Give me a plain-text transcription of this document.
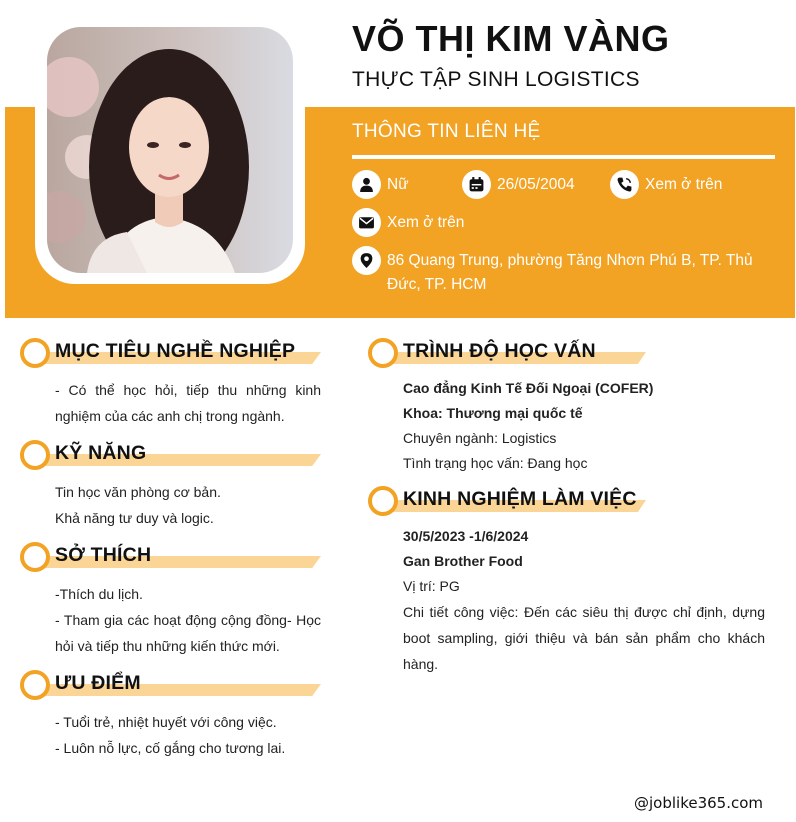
VÕ THỊ KIM VÀNG
THỰC TẬP SINH LOGISTICS
THÔNG TIN LIÊN HỆ
Nữ	26/05/2004	Xem ở trên
Xem ở trên
86 Quang Trung, phường Tăng Nhơn Phú B, TP. Thủ Đức, TP. HCM
MỤC TIÊU NGHỀ NGHIỆP

- Có thể học hỏi, tiếp thu những kinh nghiệm của các anh chị trong ngành.

KỸ NĂNG

Tin học văn phòng cơ bản.

Khả năng tư duy và logic.

SỞ THÍCH

-Thích du lịch.

- Tham gia các hoạt động cộng đồng- Học hỏi và tiếp thu những kiến thức mới.

ƯU ĐIỂM

- Tuổi trẻ, nhiệt huyết với công việc.

- Luôn nỗ lực, cố gắng cho tương lai.

TRÌNH ĐỘ HỌC VẤN

Cao đẳng Kinh Tế Đối Ngoại (COFER)

Khoa: Thương mại quốc tế

Chuyên ngành: Logistics

Tình trạng học vấn: Đang học

KINH NGHIỆM LÀM VIỆC

30/5/2023 -1/6/2024

Gan Brother Food

Vị trí: PG

Chi tiết công việc: Đến các siêu thị được chỉ định, dựng boot sampling, giới thiệu và bán sản phẩm cho khách hàng.

@joblike365.com
